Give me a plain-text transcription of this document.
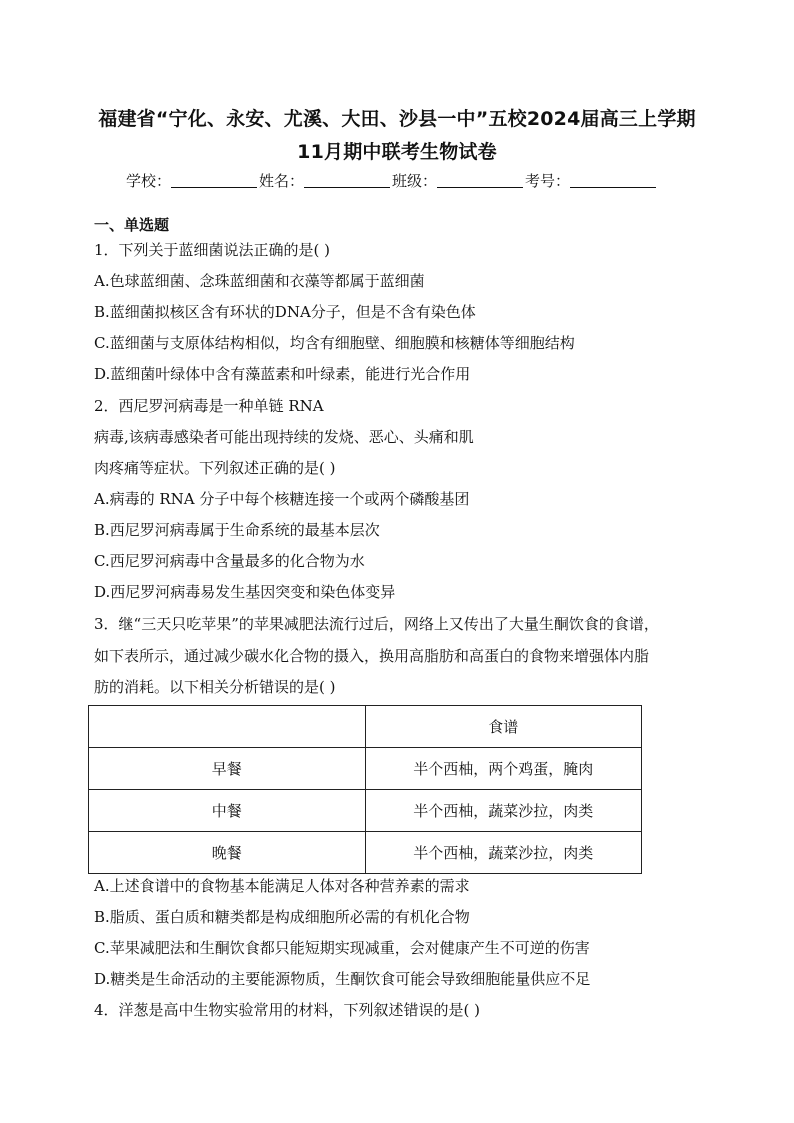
福建省“宁化、永安、尤溪、大田、沙县一中”五校2024届高三上学期
11月期中联考生物试卷
学校：	姓名：	班级：	考号：
一、单选题
1．下列关于蓝细菌说法正确的是( )
A.色球蓝细菌、念珠蓝细菌和衣藻等都属于蓝细菌
B.蓝细菌拟核区含有环状的DNA分子，但是不含有染色体
C.蓝细菌与支原体结构相似，均含有细胞壁、细胞膜和核糖体等细胞结构
D.蓝细菌叶绿体中含有藻蓝素和叶绿素，能进行光合作用
2．西尼罗河病毒是一种单链 RNA
病毒,该病毒感染者可能出现持续的发烧、恶心、头痛和肌
肉疼痛等症状。下列叙述正确的是( )
A.病毒的 RNA 分子中每个核糖连接一个或两个磷酸基团
B.西尼罗河病毒属于生命系统的最基本层次
C.西尼罗河病毒中含量最多的化合物为水
D.西尼罗河病毒易发生基因突变和染色体变异
3．继“三天只吃苹果”的苹果减肥法流行过后，网络上又传出了大量生酮饮食的食谱，
如下表所示，通过减少碳水化合物的摄入，换用高脂肪和高蛋白的食物来增强体内脂
肪的消耗。以下相关分析错误的是( )
	食谱
早餐	半个西柚，两个鸡蛋，腌肉
中餐	半个西柚，蔬菜沙拉，肉类
晚餐	半个西柚，蔬菜沙拉，肉类
A.上述食谱中的食物基本能满足人体对各种营养素的需求
B.脂质、蛋白质和糖类都是构成细胞所必需的有机化合物
C.苹果减肥法和生酮饮食都只能短期实现减重，会对健康产生不可逆的伤害
D.糖类是生命活动的主要能源物质，生酮饮食可能会导致细胞能量供应不足
4．洋葱是高中生物实验常用的材料，下列叙述错误的是( )
